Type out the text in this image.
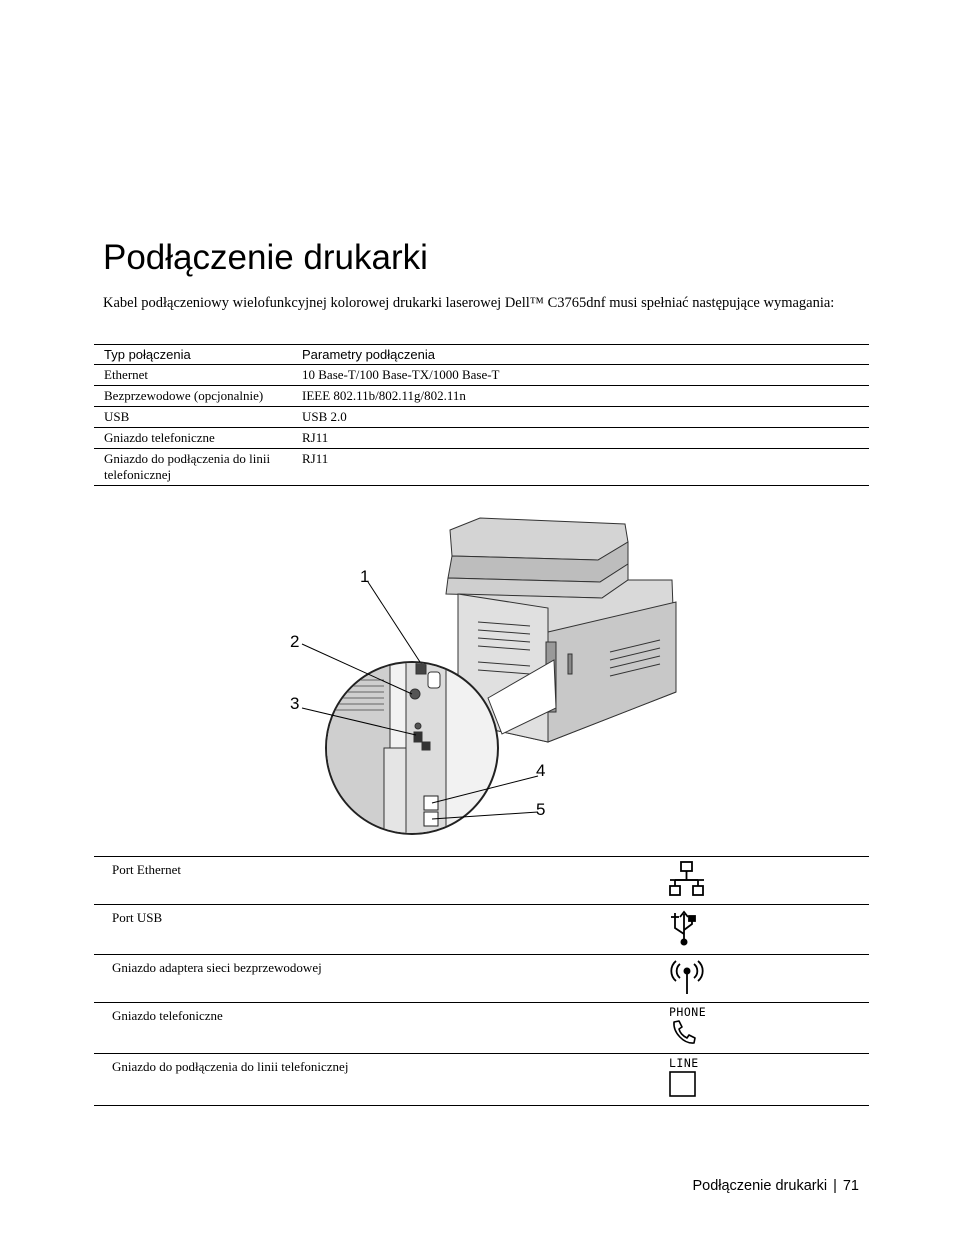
Podłączenie drukarki

Kabel podłączeniowy wielofunkcyjnej kolorowej drukarki laserowej Dell™ C3765dnf musi spełniać następujące wymagania:

Typ połączenia	Parametry podłączenia
Ethernet	10 Base-T/100 Base-TX/1000 Base-T
Bezprzewodowe (opcjonalnie)	IEEE 802.11b/802.11g/802.11n
USB	USB 2.0
Gniazdo telefoniczne	RJ11
Gniazdo do podłączenia do linii telefonicznej	RJ11
1
2
3
4
5
Port Ethernet	
Port USB	
Gniazdo adaptera sieci bezprzewodowej	
Gniazdo telefoniczne	PHONE

Gniazdo do podłączenia do linii telefonicznej	LINE
Podłączenie drukarki | 71
